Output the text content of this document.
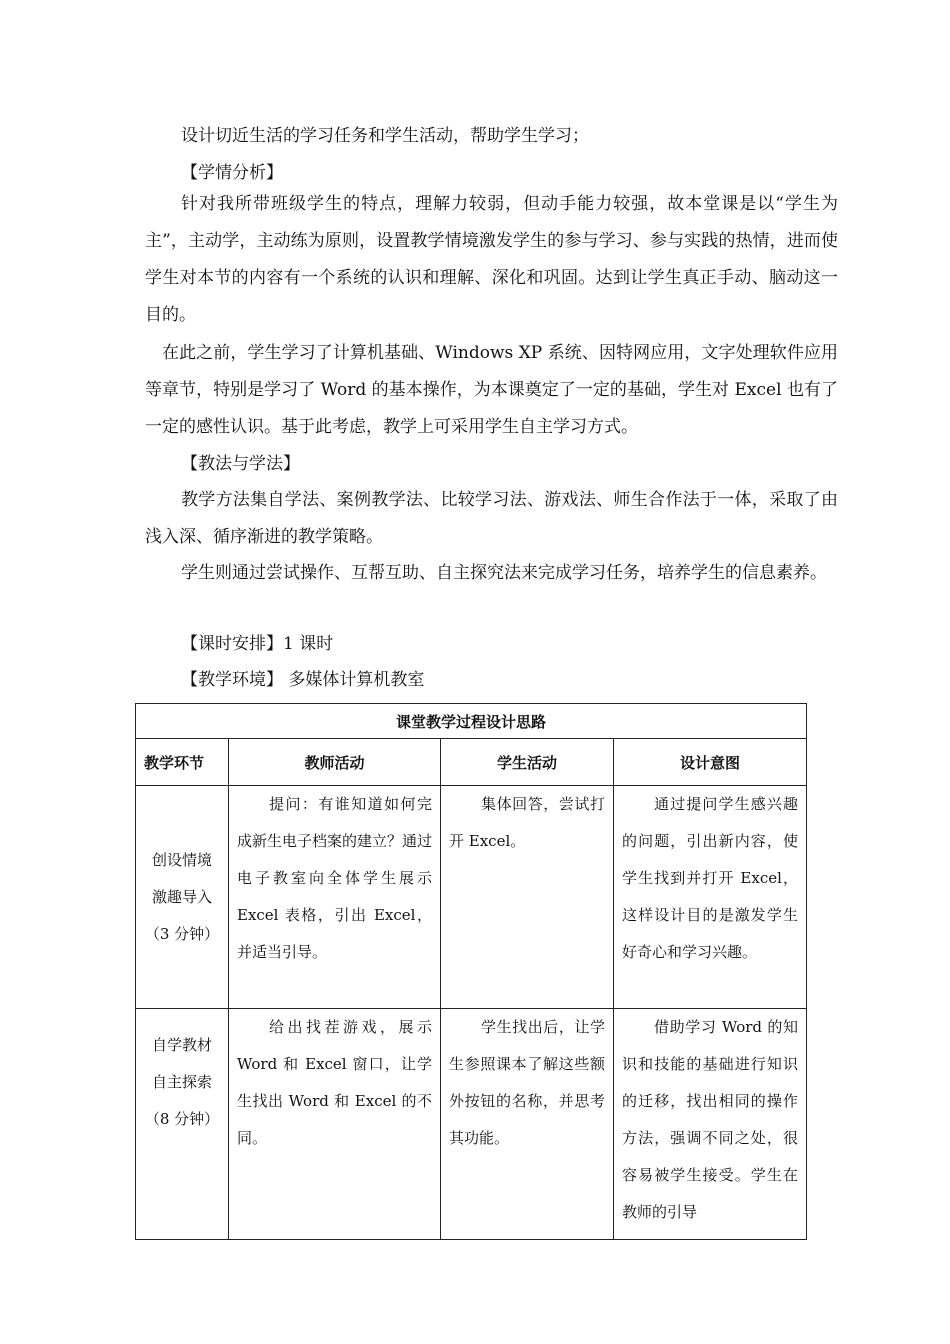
设计切近生活的学习任务和学生活动，帮助学生学习；

【学情分析】

针对我所带班级学生的特点，理解力较弱，但动手能力较强，故本堂课是以“学生为主”，主动学，主动练为原则，设置教学情境激发学生的参与学习、参与实践的热情，进而使学生对本节的内容有一个系统的认识和理解、深化和巩固。达到让学生真正手动、脑动这一目的。

在此之前，学生学习了计算机基础、Windows XP 系统、因特网应用，文字处理软件应用等章节，特别是学习了 Word 的基本操作，为本课奠定了一定的基础，学生对 Excel 也有了一定的感性认识。基于此考虑，教学上可采用学生自主学习方式。

【教法与学法】

教学方法集自学法、案例教学法、比较学习法、游戏法、师生合作法于一体，采取了由浅入深、循序渐进的教学策略。

学生则通过尝试操作、互帮互助、自主探究法来完成学习任务，培养学生的信息素养。

【课时安排】1 课时

【教学环境】 多媒体计算机教室

课堂教学过程设计思路			
教学环节	教师活动	学生活动	设计意图

创设情境
激趣导入
（3 分钟）	提问：有谁知道如何完成新生电子档案的建立？通过电子教室向全体学生展示 Excel 表格，引出 Excel，并适当引导。	集体回答，尝试打开 Excel。	通过提问学生感兴趣的问题，引出新内容，使学生找到并打开 Excel，这样设计目的是激发学生好奇心和学习兴趣。

自学教材
自主探索
（8 分钟）	给出找茬游戏，展示 Word 和 Excel 窗口，让学生找出 Word 和 Excel 的不同。	学生找出后，让学生参照课本了解这些额外按钮的名称，并思考其功能。	借助学习 Word 的知识和技能的基础进行知识的迁移，找出相同的操作方法，强调不同之处，很容易被学生接受。学生在教师的引导
